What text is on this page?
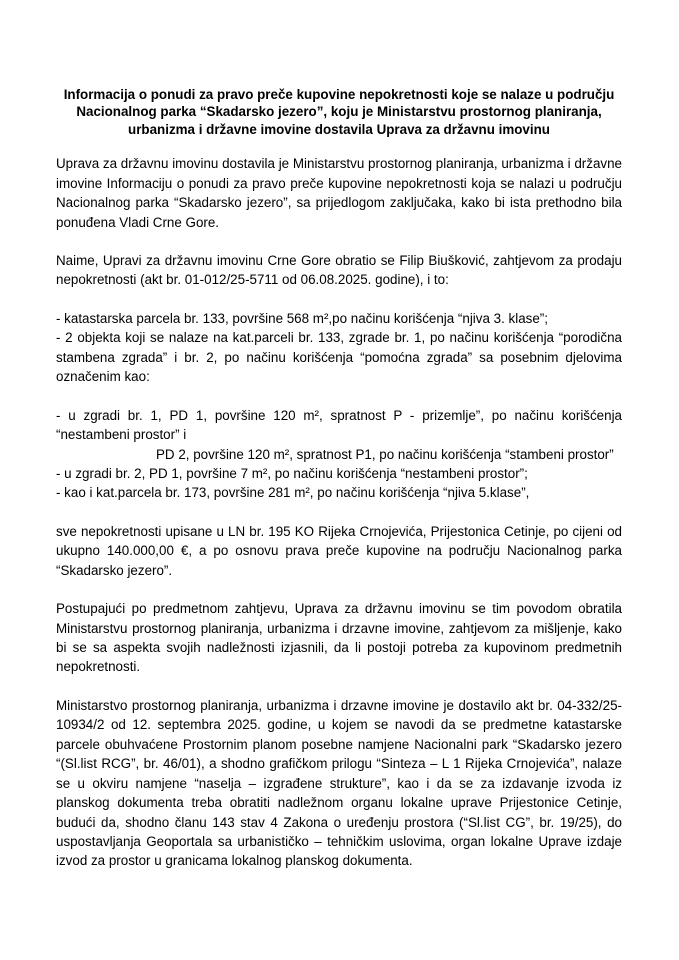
Informacija o ponudi za pravo preče kupovine nepokretnosti koje se nalaze u području Nacionalnog parka “Skadarsko jezero”, koju je Ministarstvu prostornog planiranja, urbanizma i državne imovine dostavila Uprava za državnu imovinu

Uprava za državnu imovinu dostavila je Ministarstvu prostornog planiranja, urbanizma i državne imovine Informaciju o ponudi za pravo preče kupovine nepokretnosti koja se nalazi u području Nacionalnog parka “Skadarsko jezero”, sa prijedlogom zaključaka, kako bi ista prethodno bila ponuđena Vladi Crne Gore.

Naime, Upravi za državnu imovinu Crne Gore obratio se Filip Biušković, zahtjevom za prodaju nepokretnosti (akt br. 01-012/25-5711 od 06.08.2025. godine), i to:

- katastarska parcela br. 133, površine 568 m²,po načinu korišćenja “njiva 3. klase”;

- 2 objekta koji se nalaze na kat.parceli br. 133, zgrade br. 1, po načinu korišćenja “porodična stambena zgrada” i br. 2, po načinu korišćenja “pomoćna zgrada” sa posebnim djelovima označenim kao:

- u zgradi br. 1, PD 1, površine 120 m², spratnost P - prizemlje”, po načinu korišćenja “nestambeni prostor” i

PD 2, površine 120 m², spratnost P1, po načinu korišćenja “stambeni prostor”

- u zgradi br. 2, PD 1, površine 7 m², po načinu korišćenja “nestambeni prostor”;

- kao i kat.parcela br. 173, površine 281 m², po načinu korišćenja “njiva 5.klase”,

sve nepokretnosti upisane u LN br. 195 KO Rijeka Crnojevića, Prijestonica Cetinje, po cijeni od ukupno 140.000,00 €, a po osnovu prava preče kupovine na području Nacionalnog parka “Skadarsko jezero”.

Postupajući po predmetnom zahtjevu, Uprava za državnu imovinu se tim povodom obratila Ministarstvu prostornog planiranja, urbanizma i drzavne imovine, zahtjevom za mišljenje, kako bi se sa aspekta svojih nadležnosti izjasnili, da li postoji potreba za kupovinom predmetnih nepokretnosti.

Ministarstvo prostornog planiranja, urbanizma i drzavne imovine je dostavilo akt br. 04-332/25-10934/2 od 12. septembra 2025. godine, u kojem se navodi da se predmetne katastarske parcele obuhvaćene Prostornim planom posebne namjene Nacionalni park “Skadarsko jezero “(Sl.list RCG”, br. 46/01), a shodno grafičkom prilogu “Sinteza – L 1 Rijeka Crnojevića”, nalaze se u okviru namjene “naselja – izgrađene strukture”, kao i da se za izdavanje izvoda iz planskog dokumenta treba obratiti nadležnom organu lokalne uprave Prijestonice Cetinje, budući da, shodno članu 143 stav 4 Zakona o uređenju prostora (“Sl.list CG”, br. 19/25), do uspostavljanja Geoportala sa urbanističko – tehničkim uslovima, organ lokalne Uprave izdaje izvod za prostor u granicama lokalnog planskog dokumenta.
